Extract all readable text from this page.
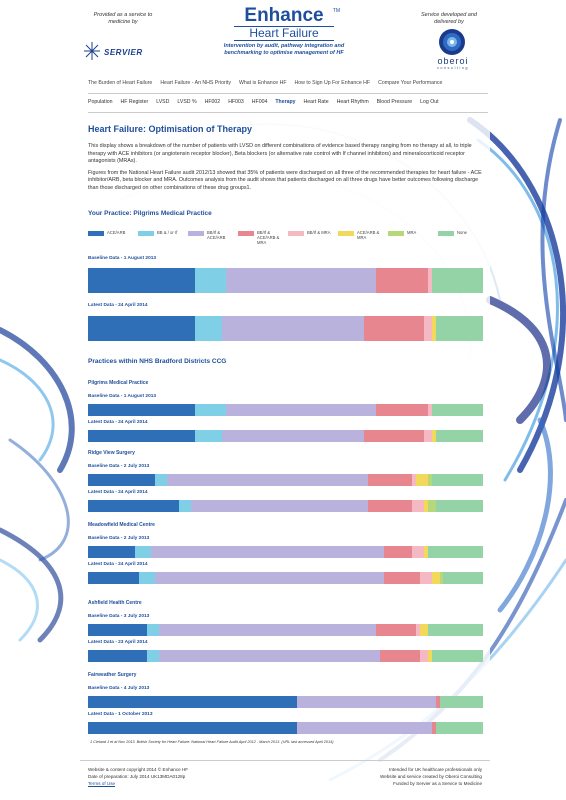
Provided as a service to medicine by
SERVIER
Enhance	TM
Heart Failure
Intervention by audit, pathway integration and benchmarking to optimise management of HF
Service developed and delivered by
oberoi
consulting
The Burden of Heart Failure Heart Failure - An NHS Priority What is Enhance HF How to Sign Up For Enhance HF Compare Your Performance
Population HF Register LVSD LVSD % HF002 HF003 HF004 Therapy Heart Rate Heart Rhythm Blood Pressure Log Out
Heart Failure: Optimisation of Therapy

This display shows a breakdown of the number of patients with LVSD on different combinations of evidence based therapy ranging from no therapy at all, to triple therapy with ACE inhibitors (or angiotensin receptor blocker), Beta blockers (or alternative rate control with If channel inhibitors) and mineralocorticoid receptor antagonists (MRAs).

Figures from the National Heart Failure audit 2012/13 showed that 35% of patients were discharged on all three of the recommended therapies for heart failure - ACE inhibitor/ARB, beta blocker and MRA. Outcomes analysis from the audit shows that patients discharged on all three drugs have better outcomes following discharge than those discharged on other combinations of these drug groups1.

Your Practice: Pilgrims Medical Practice
ACE/ARB	BB & / or If	BB/If & ACE/ARB
BB/If & ACE/ARB & MRA
BB/If & MRA	ACE/ARB & MRA
MRA	None
Baseline Data - 1 August 2013
Latest Data - 24 April 2014
Practices within NHS Bradford Districts CCG
Pilgrims Medical Practice
Baseline Data - 1 August 2013
Latest Data - 24 April 2014
Ridge View Surgery
Baseline Data - 2 July 2013
Latest Data - 24 April 2014
Meadowfield Medical Centre
Baseline Data - 2 July 2013
Latest Data - 24 April 2014
Ashfield Health Centre
Baseline Data - 3 July 2013
Latest Data - 23 April 2014
Fairweather Surgery
Baseline Data - 4 July 2013
Latest Data - 1 October 2013
1 Cleland J et al Nov 2013. British Society for Heart Failure: National Heart Failure Audit April 2012 - March 2013. (URL last accessed April 2014)
Website & content copyright 2014 © Enhance HF
Date of preparation: July 2014 UK13MDA0128p
Terms of Use
Intended for UK healthcare professionals only
Website and service created by Oberoi Consulting
Funded by Servier as a Service to Medicine
